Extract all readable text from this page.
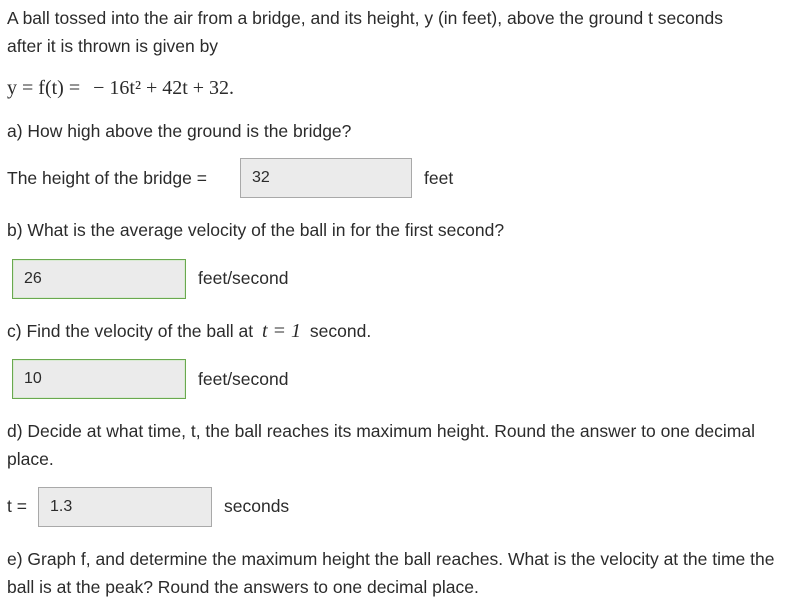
A ball tossed into the air from a bridge, and its height, y (in feet), above the ground t seconds
after it is thrown is given by
y = f(t) = − 16t² + 42t + 32.
a) How high above the ground is the bridge?
The height of the bridge =	32	feet
b) What is the average velocity of the ball in for the first second?
26	feet/second
c) Find the velocity of the ball at t = 1 second.
10	feet/second
d) Decide at what time, t, the ball reaches its maximum height. Round the answer to one decimal place.
t =	1.3	seconds
e) Graph f, and determine the maximum height the ball reaches. What is the velocity at the time the ball is at the peak? Round the answers to one decimal place.
